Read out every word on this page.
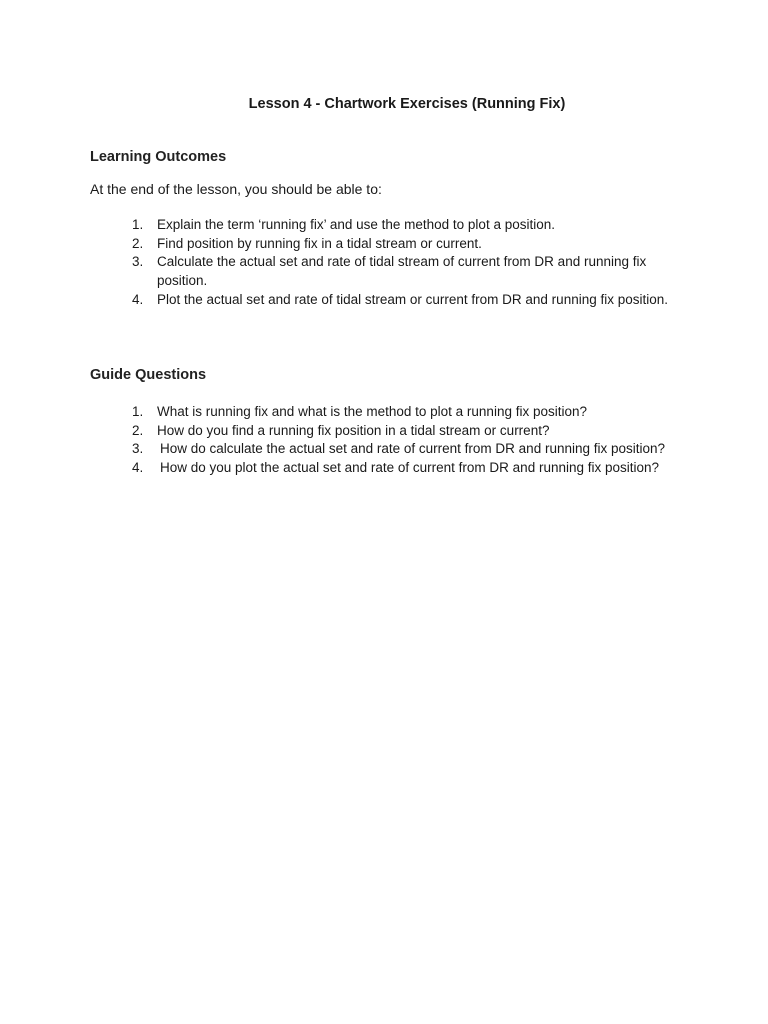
Lesson 4 - Chartwork Exercises (Running Fix)
Learning Outcomes

At the end of the lesson, you should be able to:

1. Explain the term ‘running fix’ and use the method to plot a position.
2. Find position by running fix in a tidal stream or current.
3. Calculate the actual set and rate of tidal stream of current from DR and running fix position.
4. Plot the actual set and rate of tidal stream or current from DR and running fix position.
Guide Questions
1. What is running fix and what is the method to plot a running fix position?
2. How do you find a running fix position in a tidal stream or current?
3. How do calculate the actual set and rate of current from DR and running fix position?
4. How do you plot the actual set and rate of current from DR and running fix position?
